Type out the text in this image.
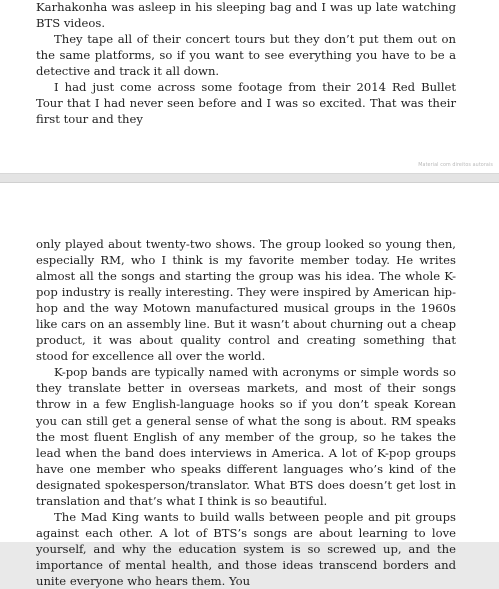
Karhakonha was asleep in his sleeping bag and I was up late watching BTS videos.

They tape all of their concert tours but they don’t put them out on the same platforms, so if you want to see everything you have to be a detective and track it all down.

I had just come across some footage from their 2014 Red Bullet Tour that I had never seen before and I was so excited. That was their first tour and they

Material com direitos autorais

only played about twenty-two shows. The group looked so young then, especially RM, who I think is my favorite member today. He writes almost all the songs and starting the group was his idea. The whole K-pop industry is really interesting. They were inspired by American hip-hop and the way Motown manufactured musical groups in the 1960s like cars on an assembly line. But it wasn’t about churning out a cheap product, it was about quality control and creating something that stood for excellence all over the world.

K-pop bands are typically named with acronyms or simple words so they translate better in overseas markets, and most of their songs throw in a few English-language hooks so if you don’t speak Korean you can still get a general sense of what the song is about. RM speaks the most fluent English of any member of the group, so he takes the lead when the band does interviews in America. A lot of K-pop groups have one member who speaks different languages who’s kind of the designated spokesperson/translator. What BTS does doesn’t get lost in translation and that’s what I think is so beautiful.

The Mad King wants to build walls between people and pit groups against each other. A lot of BTS’s songs are about learning to love yourself, and why the education system is so screwed up, and the importance of mental health, and those ideas transcend borders and unite everyone who hears them. You
